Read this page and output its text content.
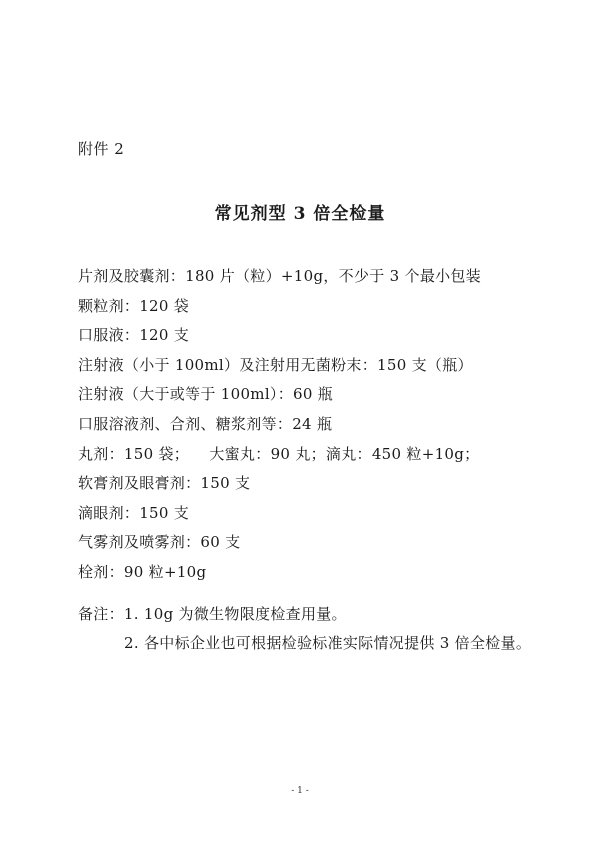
附件 2
常见剂型 3 倍全检量
片剂及胶囊剂：180 片（粒）+10g，不少于 3 个最小包装
颗粒剂：120 袋
口服液：120 支
注射液（小于 100ml）及注射用无菌粉末：150 支（瓶）
注射液（大于或等于 100ml）：60 瓶
口服溶液剂、合剂、糖浆剂等：24 瓶
丸剂：150 袋；    大蜜丸：90 丸；滴丸：450 粒+10g；
软膏剂及眼膏剂：150 支
滴眼剂：150 支
气雾剂及喷雾剂：60 支
栓剂：90 粒+10g
备注：1. 10g 为微生物限度检查用量。
2. 各中标企业也可根据检验标准实际情况提供 3 倍全检量。
- 1 -
